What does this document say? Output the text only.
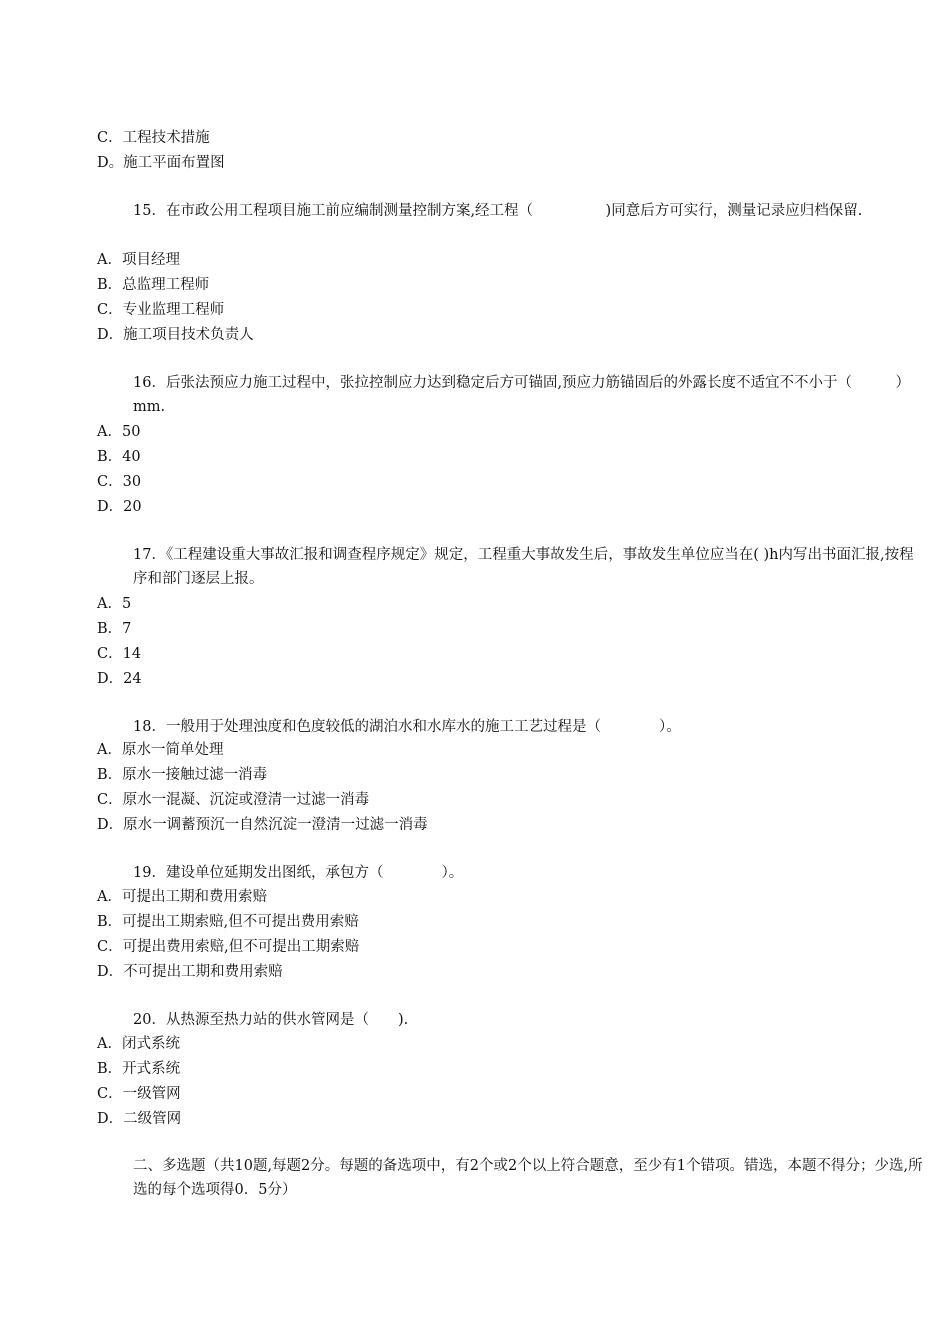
C．工程技术措施
D。施工平面布置图
15．在市政公用工程项目施工前应编制测量控制方案,经工程（　　　　　)同意后方可实行，测量记录应归档保留.
A．项目经理
B．总监理工程师
C．专业监理工程师
D．施工项目技术负责人
16．后张法预应力施工过程中，张拉控制应力达到稳定后方可锚固,预应力筋锚固后的外露长度不适宜不不小于（　　　）mm.
A．50
B．40
C．30
D．20
17．《工程建设重大事故汇报和调查程序规定》规定，工程重大事故发生后，事故发生单位应当在( )h内写出书面汇报,按程序和部门逐层上报。
A．5
B．7
C．14
D．24
18．一般用于处理浊度和色度较低的湖泊水和水库水的施工工艺过程是（　　　　）。
A．原水一简单处理
B．原水一接触过滤一消毒
C．原水一混凝、沉淀或澄清一过滤一消毒
D．原水一调蓄预沉一自然沉淀一澄清一过滤一消毒
19．建设单位延期发出图纸，承包方（　　　　）。
A．可提出工期和费用索赔
B．可提出工期索赔,但不可提出费用索赔
C．可提出费用索赔,但不可提出工期索赔
D．不可提出工期和费用索赔
20．从热源至热力站的供水管网是（　　).
A．闭式系统
B．开式系统
C．一级管网
D．二级管网
二、多选题（共10题,每题2分。每题的备选项中，有2个或2个以上符合题意，至少有1个错项。错选，本题不得分；少选,所选的每个选项得0．5分）
